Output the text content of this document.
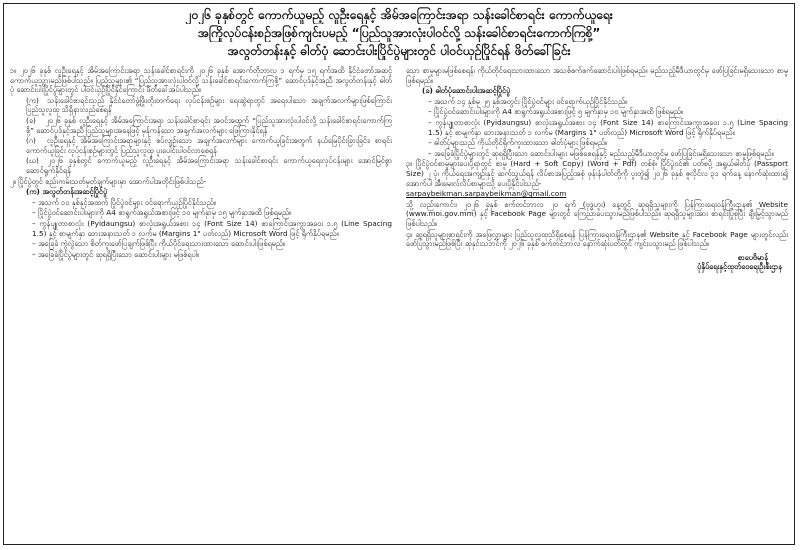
၂၀၂၆ ခုနှစ်တွင် ကောက်ယူမည့် လူဦးရေနှင့် အိမ်အကြောင်းအရာ သန်းခေါင်စာရင်း ကောက်ယူရေး
အကြိုလုပ်ငန်းစဉ်အဖြစ်ကျင်းပမည့် “ပြည်သူအားလုံးပါဝင်လို့ သန်းခေါင်စာရင်းကောက်ကြစို့”
အလွတ်တန်းနှင့် ဓါတ်ပုံ ဆောင်းပါးပြိုင်ပွဲများတွင် ပါဝင်ယှဉ်ပြိုင်ရန် ဖိတ်ခေါ်ခြင်း

၁။ ၂၀၂၆ ခုနှစ် လူဦးရေနှင့် အိမ်အကြောင်းအရာ သန်းခေါင်စာရင်းကို ၂၀၂၆ ခုနှစ် အောက်တိုဘာလ ၁ ရက်မှ ၁၅ ရက်အထိ နိုင်ငံတော်အဆင့် ကောက်ယူသွားမည်ဖြစ်ပါသည်။ ပြည်သူများ၏ “ပြည်သူအားလုံးပါဝင်လို့ သန်းခေါင်စာရင်းကောက်ကြစို့” ဆောင်ပုဒ်နှင့်အညီ အလွတ်တန်းနှင့် ဓါတ်ပုံ ဆောင်းပါးပြိုင်ပွဲများတွင် ပါဝင်ယှဉ်ပြိုင်နိုင်ကြောင်း ဖိတ်ခေါ်အပ်ပါသည်။

(က) သန်းခေါင်စာရင်းသည် နိုင်ငံတော်ဖွံ့ဖြိုးတိုးတက်ရေး လုပ်ငန်းစဉ်များ ရေးဆွဲရာတွင် အရေးပါသော အချက်အလက်များဖြစ်ကြောင်း ပြည်သူလူထု သိရှိနားလည်စေရန်

(ခ) ၂၀၂၆ ခုနှစ် လူဦးရေနှင့် အိမ်အကြောင်းအရာ သန်းခေါင်စာရင်း အဝင်အထွက် “ပြည်သူအားလုံးပါဝင်လို့ သန်းခေါင်စာရင်းကောက်ကြစို့” ဆောင်ပုဒ်နှင့်အညီ ပြည်သူများအနေဖြင့် မှန်ကန်သော အချက်အလက်များ ဖြေကြားနိုင်ရန်

(ဂ) လူဦးရေနှင့် အိမ်အကြောင်းအရာများနှင့် စပ်လျဉ်းသော အချက်အလက်များ ကောက်ယူခြင်းအတွက် နယ်မြေပိုင်းခြားခြင်း၊ စာရင်းကောက်ယူခြင်း လုပ်ငန်းစဉ်များတွင် ပြည်သူလူထု ပူးပေါင်းပါဝင်လာစေရန်

(ဃ) ၂၀၂၆ ခုနှစ်တွင် ကောက်ယူမည့် လူဦးရေနှင့် အိမ်အကြောင်းအရာ သန်းခေါင်စာရင်း ကောက်ယူရေးလုပ်ငန်းများ အောင်မြင်စွာ ဆောင်ရွက်နိုင်ရန်

၂။ ပြိုင်ပွဲတွင် စည်းကမ်းသတ်မှတ်ချက်များမှာ အောက်ပါအတိုင်းဖြစ်ပါသည်-

(က) အလွတ်တန်းအဆင့်ပြိုင်ပွဲ

– အသက် ၁၀ နှစ်နှင့်အထက် ပြိုင်ပွဲဝင်များ ဝင်ရောက်ယှဉ်ပြိုင်နိုင်သည်။

– ပြိုင်ပွဲဝင်ဆောင်းပါးများကို A4 စာရွက်အရွယ်အစားဖြင့် ၁၀ မျက်နှာမှ ၁၅ မျက်နှာအထိ ဖြစ်ရမည်။

– ကွန်ပျူတာစာလုံး (Pyidaungsu) စာလုံးအရွယ်အစား ၁၄ (Font Size 14) စာကြောင်းအကွာအဝေး ၁.၅ (Line Spacing 1.5) နှင့် စာမျက်နှာ ဘေးအနားသတ် ၁ လက်မ (Margins 1" ပတ်လည်) Microsoft Word ဖြင့် ရိုက်နှိပ်ရမည်။

– အခြေခံ ကွဲလွဲသော စိတ်ကူးဖော်ပြချက်ဖြစ်ပြီး ကိုယ်ပိုင်ရေးသားထားသော ဆောင်းပါးဖြစ်ရမည်။

– အခြေခံပြိုင်ပွဲများတွင် ဆုရရှိပြီးသော ဆောင်းပါးများ မဖြစ်ရပါ။

သော စာမူများမဖြစ်စေရန်၊ ကိုယ်တိုင်ရေးသားထားသော အသစ်စက်စက်ဆောင်းပါးဖြစ်ရမည်။ မည်သည့်မီဒီယာတွင်မှ ဖော်ပြခြင်းမရှိသေးသော စာမူဖြစ်ရမည်။

(ခ) ဓါတ်ပုံဆောင်းပါးအဆင့်ပြိုင်ပွဲ

– အသက် ၁၄ နှစ်မှ ၂၅ နှစ်အတွင်း ပြိုင်ပွဲဝင်များ ဝင်ရောက်ယှဉ်ပြိုင်နိုင်သည်။

– ပြိုင်ပွဲဝင်ဆောင်းပါးများကို A4 စာရွက်အရွယ်အစားဖြင့် ၅ မျက်နှာမှ ၁၀ မျက်နှာအထိ ဖြစ်ရမည်။

– ကွန်ပျူတာစာလုံး (Pyidaungsu) စာလုံးအရွယ်အစား ၁၄ (Font Size 14) စာကြောင်းအကွာအဝေး ၁.၅ (Line Spacing 1.5) နှင့် စာမျက်နှာ ဘေးအနားသတ် ၁ လက်မ (Margins 1" ပတ်လည်) Microsoft Word ဖြင့် ရိုက်နှိပ်ရမည်။

– ဓါတ်ပုံများသည် ကိုယ်တိုင်ရိုက်ကူးထားသော ဓါတ်ပုံများ ဖြစ်ရမည်။

– အခြေခံပြိုင်ပွဲများတွင် ဆုရရှိပြီးသော ဆောင်းပါးများ မဖြစ်စေရန်နှင့် မည်သည့်မီဒီယာတွင်မှ ဖော်ပြခြင်းမရှိသေးသော စာမူဖြစ်ရမည်။

၃။ ပြိုင်ပွဲဝင်စာမူများပေးပို့ရာတွင် စာမူ (Hard + Soft Copy) (Word + Pdf) တစ်စုံ၊ ပြိုင်ပွဲဝင်၏ ပတ်စပို့ အရွယ်ဓါတ်ပုံ (Passport Size) ၂ ပုံ၊ ကိုယ်ရေးအကျဉ်းနှင့် ဆက်သွယ်ရန် လိပ်စာအပြည့်အစုံ ဖုန်းနံပါတ်တို့ကို ပူးတွဲ၍ ၂၀၂၆ ခုနှစ် ဇူလိုင်လ ၃၁ ရက်နေ့ နောက်ဆုံးထား၍ အောက်ပါ အီးမေးလ်လိပ်စာများသို့ ပေးပို့နိုင်ပါသည်-

sarpaybeikman.sarpaybeikman@gmail.com

သို့ လည်းကောင်း၊ ၂၀၂၆ ခုနှစ် စက်တင်ဘာလ ၂၀ ရက် (ဗုဒ္ဓဟူး) နေ့တွင် ဆုရရှိသူများကို ပြန်ကြားရေးဝန်ကြီးဌာန၏ Website (www.moi.gov.mm) နှင့် Facebook Page များတွင် ကြေညာပေးသွားမည်ဖြစ်ပါသည်။ ဆုရရှိသူများအား စာရင်းပြုစုပြီး ချီးမြှင့်သွားမည်ဖြစ်ပါသည်။

၄။ ဆုရရှိသူများစာရင်းကို အဖြေလွှာများ ပြည်သူလူထုသိရှိစေရန် ပြန်ကြားရေးဝန်ကြီးဌာန၏ Website နှင့် Facebook Page များတွင်လည်း ဖော်ပြသွားမည်ဖြစ်ပြီး ဆုနှင်းသဘင်ကို ၂၀၂၆ ခုနှစ် စက်တင်ဘာလ နောက်ဆုံးပတ်တွင် ကျင်းပသွားမည် ဖြစ်ပါသည်။

စာပေဗိမာန်
ပုံနှိပ်ရေးနှင့်ထုတ်ဝေရေးဦးစီးဌာန
